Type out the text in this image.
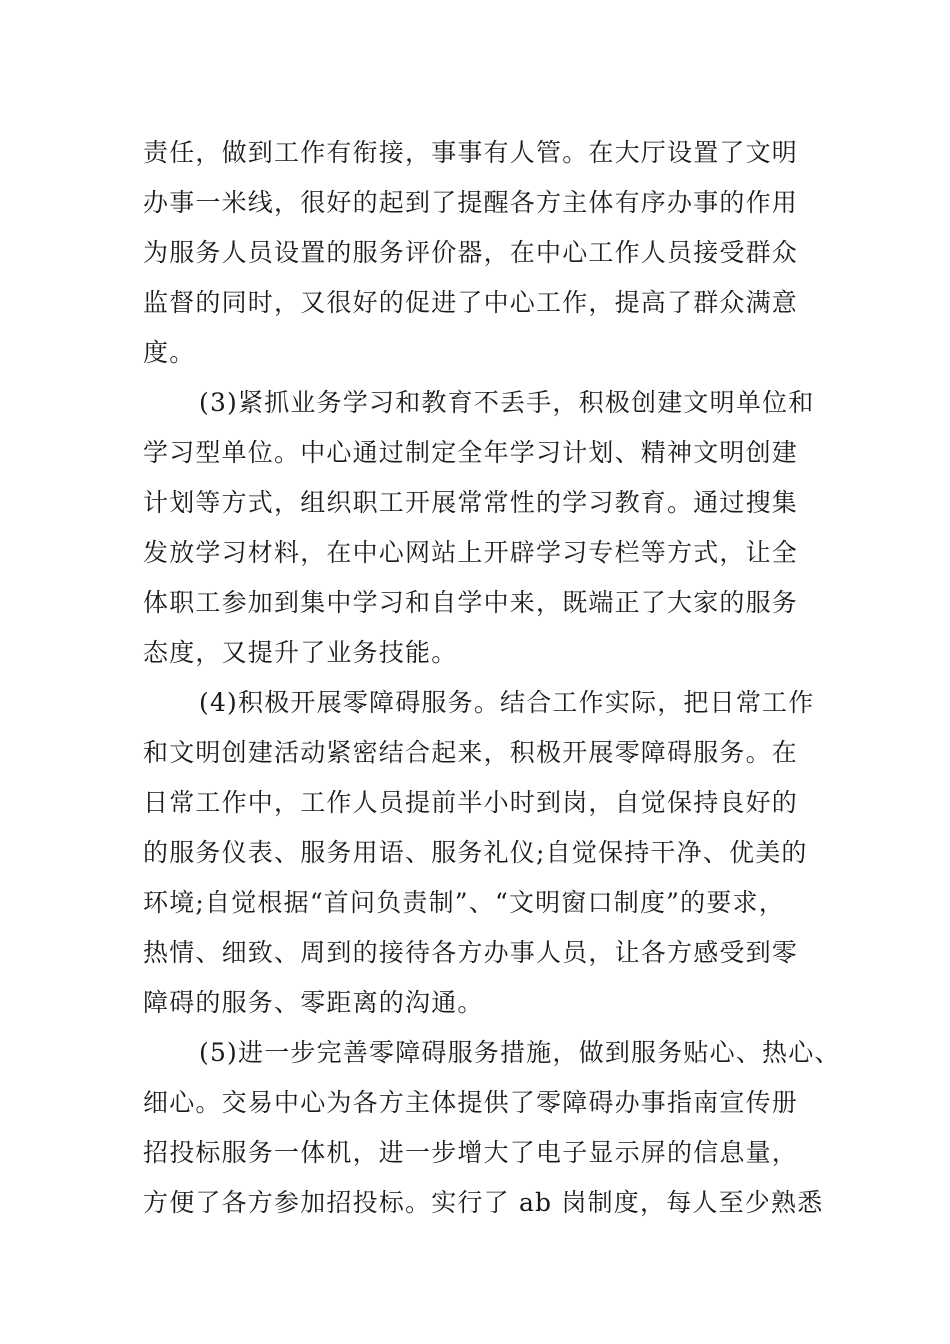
责任，做到工作有衔接，事事有人管。在大厅设置了文明
办事一米线，很好的起到了提醒各方主体有序办事的作用
为服务人员设置的服务评价器，在中心工作人员接受群众
监督的同时，又很好的促进了中心工作，提高了群众满意
度。
(3)紧抓业务学习和教育不丢手，积极创建文明单位和
学习型单位。中心通过制定全年学习计划、精神文明创建
计划等方式，组织职工开展常常性的学习教育。通过搜集
发放学习材料，在中心网站上开辟学习专栏等方式，让全
体职工参加到集中学习和自学中来，既端正了大家的服务
态度，又提升了业务技能。
(4)积极开展零障碍服务。结合工作实际，把日常工作
和文明创建活动紧密结合起来，积极开展零障碍服务。在
日常工作中，工作人员提前半小时到岗，自觉保持良好的
的服务仪表、服务用语、服务礼仪;自觉保持干净、优美的
环境;自觉根据“首问负责制”、“文明窗口制度”的要求，
热情、细致、周到的接待各方办事人员，让各方感受到零
障碍的服务、零距离的沟通。
(5)进一步完善零障碍服务措施，做到服务贴心、热心、
细心。交易中心为各方主体提供了零障碍办事指南宣传册
招投标服务一体机，进一步增大了电子显示屏的信息量，
方便了各方参加招投标。实行了 ab 岗制度，每人至少熟悉
